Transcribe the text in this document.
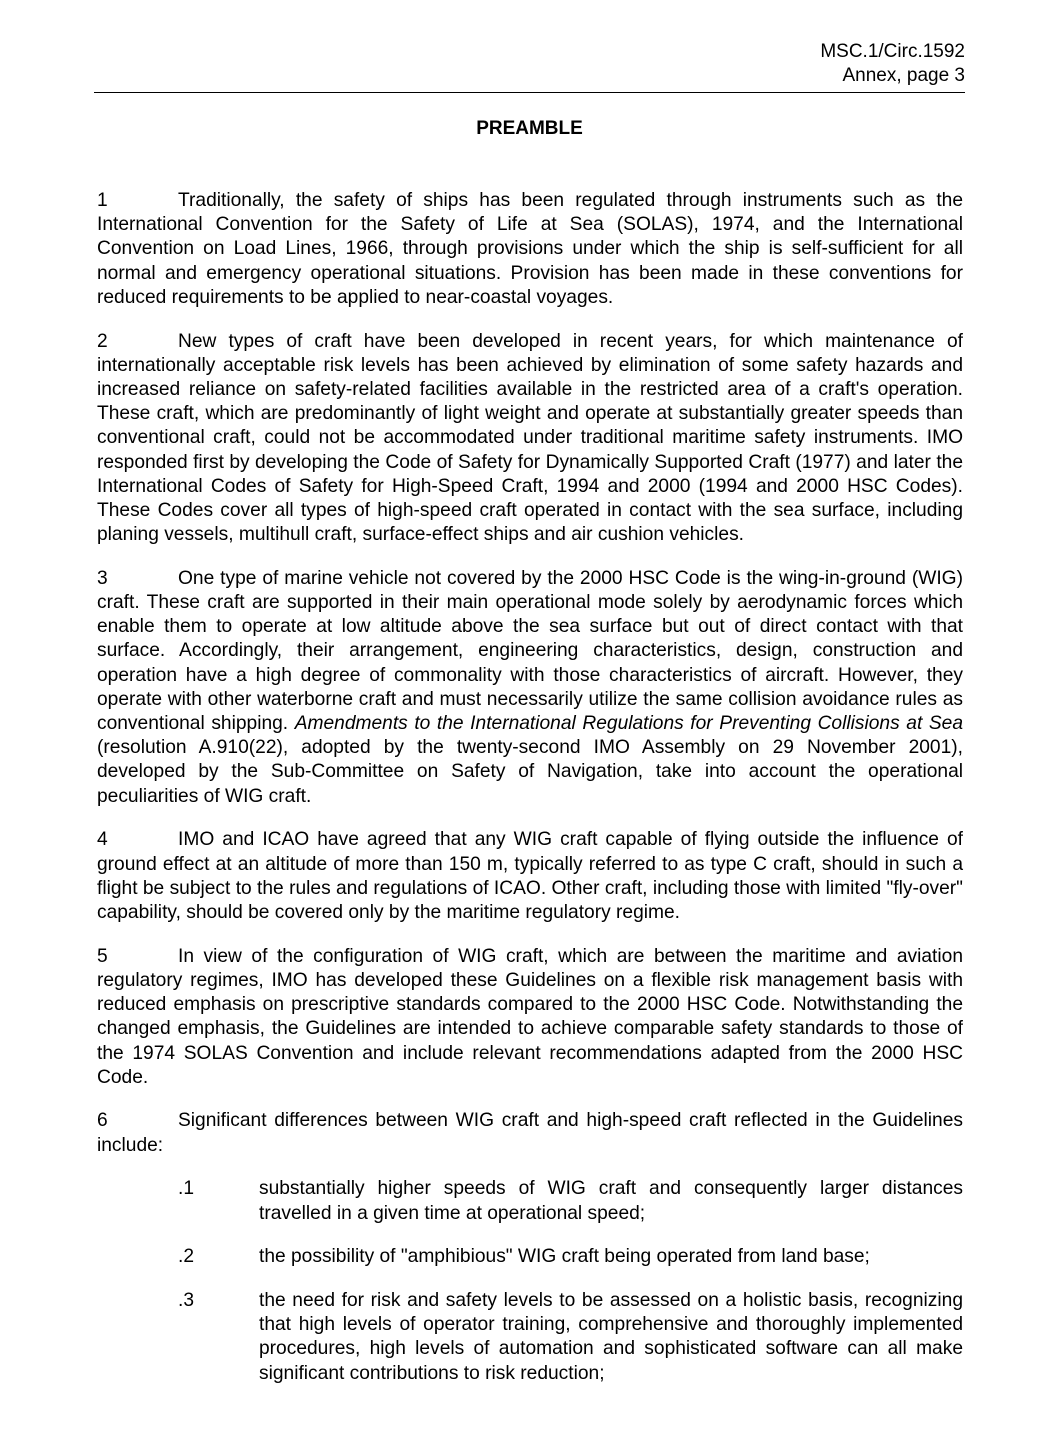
MSC.1/Circ.1592
Annex, page 3
PREAMBLE

1	Traditionally, the safety of ships has been regulated through instruments such as the International Convention for the Safety of Life at Sea (SOLAS), 1974, and the International Convention on Load Lines, 1966, through provisions under which the ship is self-sufficient for all normal and emergency operational situations. Provision has been made in these conventions for reduced requirements to be applied to near-coastal voyages.

2	New types of craft have been developed in recent years, for which maintenance of internationally acceptable risk levels has been achieved by elimination of some safety hazards and increased reliance on safety-related facilities available in the restricted area of a craft's operation. These craft, which are predominantly of light weight and operate at substantially greater speeds than conventional craft, could not be accommodated under traditional maritime safety instruments. IMO responded first by developing the Code of Safety for Dynamically Supported Craft (1977) and later the International Codes of Safety for High-Speed Craft, 1994 and 2000 (1994 and 2000 HSC Codes). These Codes cover all types of high-speed craft operated in contact with the sea surface, including planing vessels, multihull craft, surface-effect ships and air cushion vehicles.

3	One type of marine vehicle not covered by the 2000 HSC Code is the wing-in-ground (WIG) craft. These craft are supported in their main operational mode solely by aerodynamic forces which enable them to operate at low altitude above the sea surface but out of direct contact with that surface. Accordingly, their arrangement, engineering characteristics, design, construction and operation have a high degree of commonality with those characteristics of aircraft. However, they operate with other waterborne craft and must necessarily utilize the same collision avoidance rules as conventional shipping. Amendments to the International Regulations for Preventing Collisions at Sea (resolution A.910(22), adopted by the twenty-second IMO Assembly on 29 November 2001), developed by the Sub-Committee on Safety of Navigation, take into account the operational peculiarities of WIG craft.

4	IMO and ICAO have agreed that any WIG craft capable of flying outside the influence of ground effect at an altitude of more than 150 m, typically referred to as type C craft, should in such a flight be subject to the rules and regulations of ICAO. Other craft, including those with limited "fly-over" capability, should be covered only by the maritime regulatory regime.

5	In view of the configuration of WIG craft, which are between the maritime and aviation regulatory regimes, IMO has developed these Guidelines on a flexible risk management basis with reduced emphasis on prescriptive standards compared to the 2000 HSC Code. Notwithstanding the changed emphasis, the Guidelines are intended to achieve comparable safety standards to those of the 1974 SOLAS Convention and include relevant recommendations adapted from the 2000 HSC Code.

6	Significant differences between WIG craft and high-speed craft reflected in the Guidelines include:

.1	substantially higher speeds of WIG craft and consequently larger distances travelled in a given time at operational speed;
.2	the possibility of "amphibious" WIG craft being operated from land base;
.3	the need for risk and safety levels to be assessed on a holistic basis, recognizing that high levels of operator training, comprehensive and thoroughly implemented procedures, high levels of automation and sophisticated software can all make significant contributions to risk reduction;
